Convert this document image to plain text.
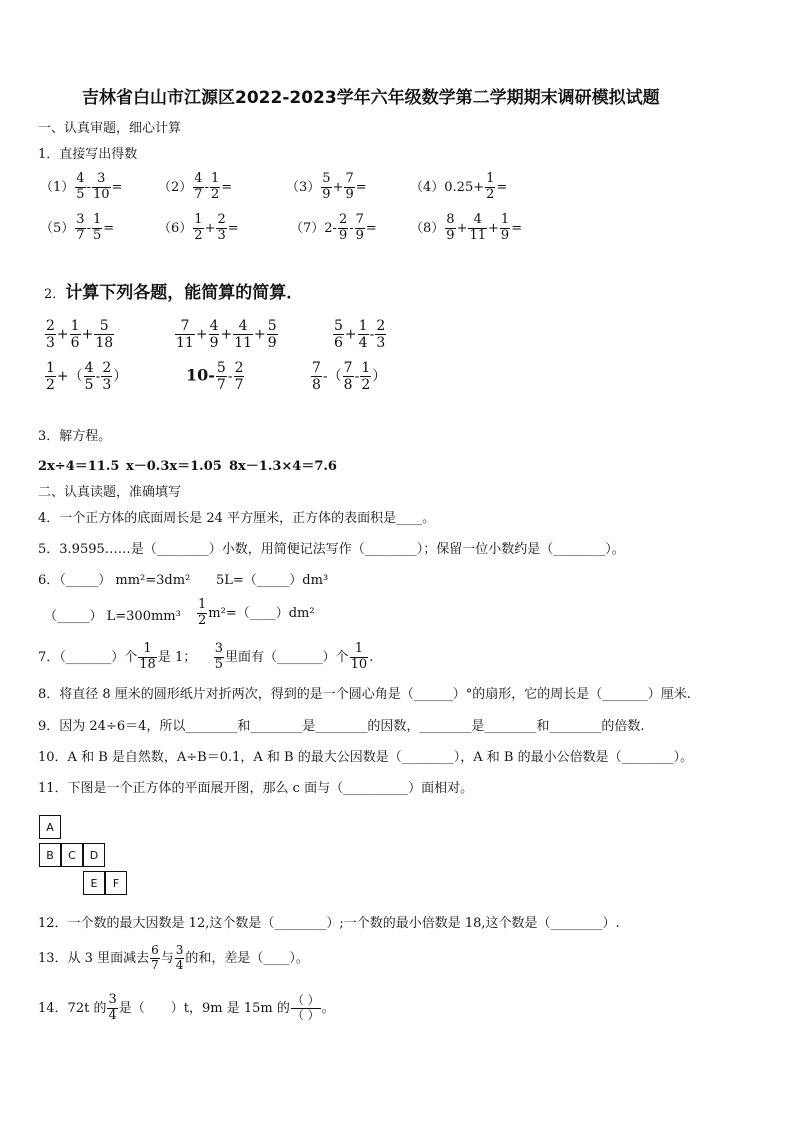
吉林省白山市江源区2022-2023学年六年级数学第二学期期末调研模拟试题
一、认真审题，细心计算
1．直接写出得数
$(1) \frac{4}{5} - \frac{3}{10}$ =	$(2) \frac{4}{7} - \frac{1}{2}$ =	$(3) \frac{5}{9} + \frac{7}{9}$ =	$(4)0.25+ \frac{1}{2}$ =
$(5) \frac{3}{7} - \frac{1}{5}$ =	$(6) \frac{1}{2} + \frac{2}{3}$ =	$(7)2- \frac{2}{9} - \frac{7}{9}$ =	$(8) \frac{8}{9} + \frac{4}{11} + \frac{1}{9}$ =
2．计算下列各题，能简算的简算．
$\frac{2}{3} + \frac{1}{6} + \frac{5}{18}$	$\frac{7}{11} + \frac{4}{9} + \frac{4}{11} + \frac{5}{9}$	$\frac{5}{6} + \frac{1}{4} - \frac{2}{3}$
$\frac{1}{2}$ +（ $\frac{4}{5} - \frac{2}{3}$ ）	$10- \frac{5}{7} - \frac{2}{7}$	$\frac{7}{8}$ -（ $\frac{7}{8} - \frac{1}{2}$ ）
3．解方程。
2x÷4＝11.5 x－0.3x＝1.05 8x－1.3×4＝7.6
二、认真读题，准确填写
4．一个正方体的底面周长是 24 平方厘米，正方体的表面积是____。
5．3.9595……是（________）小数，用简便记法写作（________）；保留一位小数约是（________）。
6．（_____） mm²=3dm² 5L=（_____）dm³
（_____） $L=300mm^3 \frac{1}{2}$ m²=（____）dm²
7．（_______）个 $\frac{1}{18}$ 是 1； $\frac{3}{5}$ 里面有（_______）个 $\frac{1}{10}$ .
8．将直径 8 厘米的圆形纸片对折两次，得到的是一个圆心角是（______）°的扇形，它的周长是（_______）厘米.
9．因为 24÷6＝4，所以________和________是________的因数，________是________和________的倍数.
10．A 和 B 是自然数，A÷B＝0.1，A 和 B 的最大公因数是（________），A 和 B 的最小公倍数是（________）。
11．下图是一个正方体的平面展开图，那么 c 面与（__________）面相对。
A
B	C	D
E	F
12．一个数的最大因数是 12,这个数是（________）;一个数的最小倍数是 18,这个数是（________）.
13．从 3 里面减去 $\frac{6}{7}$ 与 $\frac{3}{4}$ 的和，差是（____）。
14．72t 的 $\frac{3}{4}$ 是（　　）t，9m 是 15m 的 $\frac{( )}{( )}$ 。
